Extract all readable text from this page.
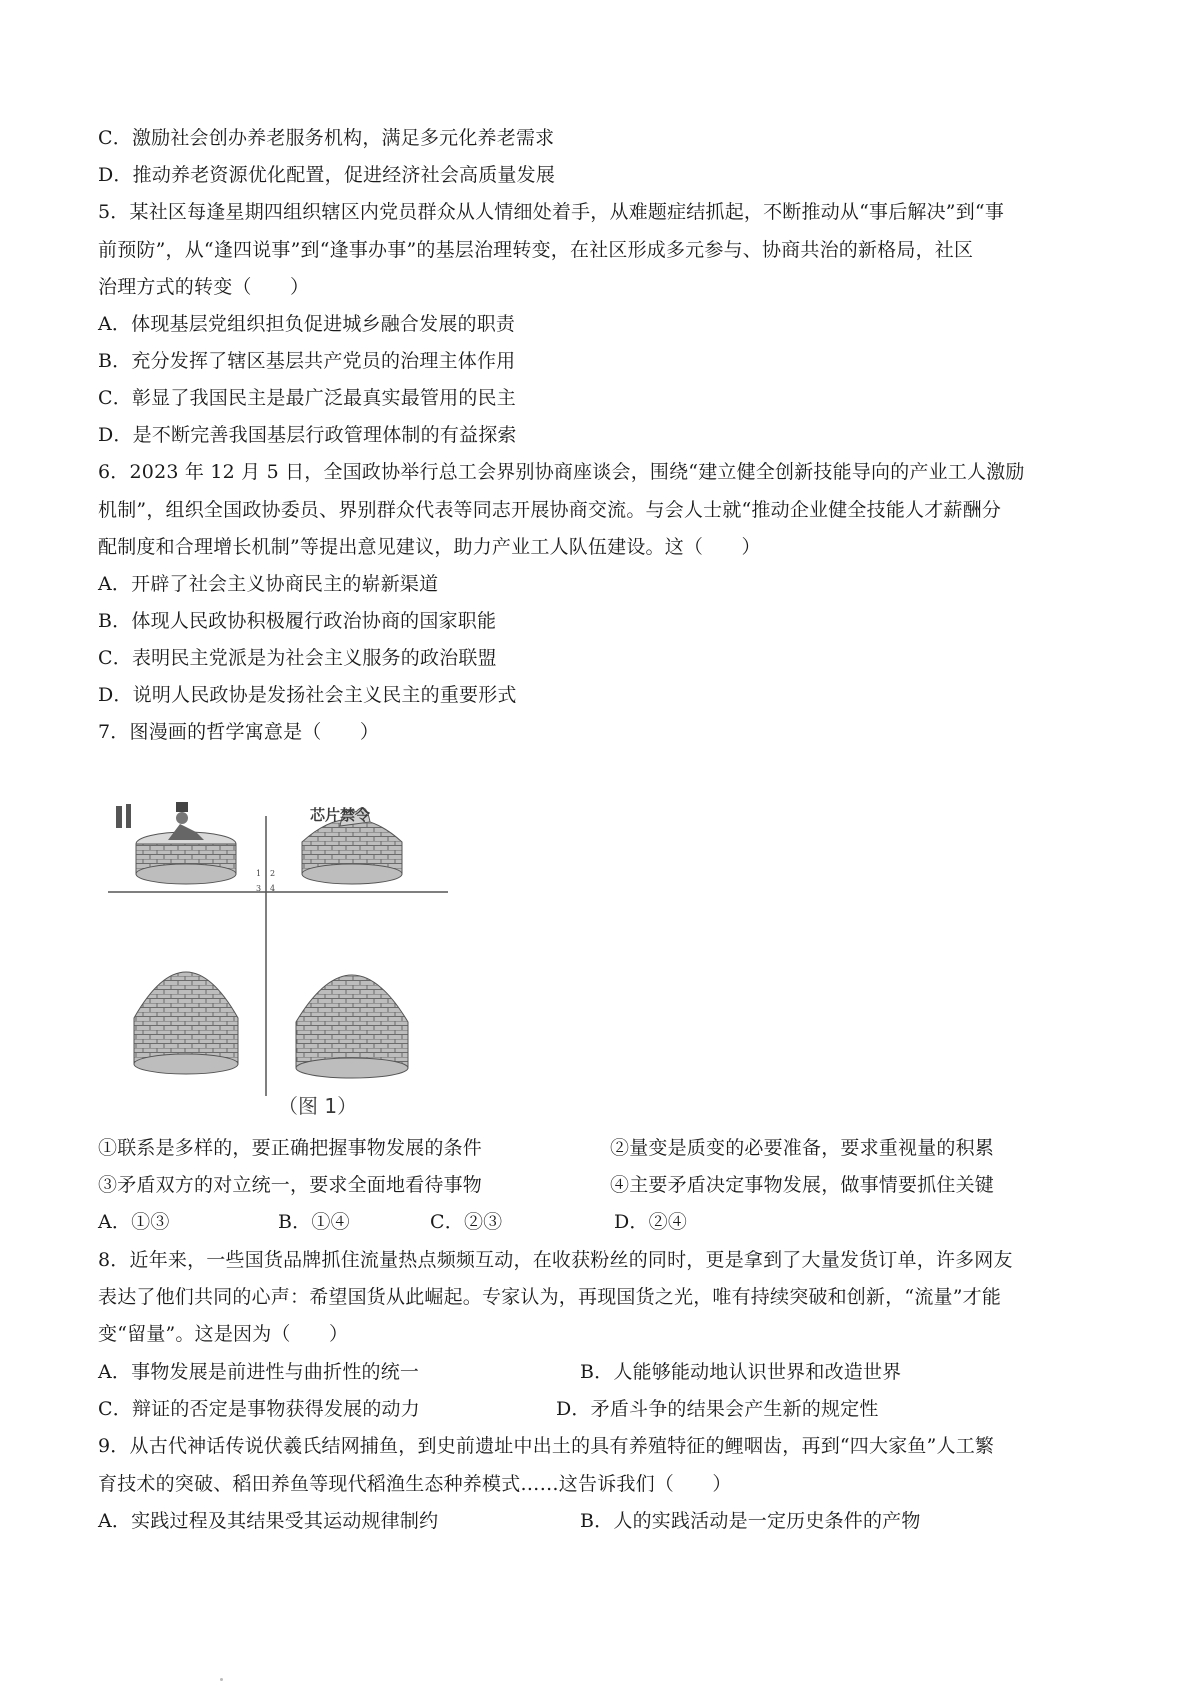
C．激励社会创办养老服务机构，满足多元化养老需求
D．推动养老资源优化配置，促进经济社会高质量发展
5．某社区每逢星期四组织辖区内党员群众从人情细处着手，从难题症结抓起，不断推动从“事后解决”到“事
前预防”，从“逢四说事”到“逢事办事”的基层治理转变，在社区形成多元参与、协商共治的新格局，社区
治理方式的转变（　　）
A．体现基层党组织担负促进城乡融合发展的职责
B．充分发挥了辖区基层共产党员的治理主体作用
C．彰显了我国民主是最广泛最真实最管用的民主
D．是不断完善我国基层行政管理体制的有益探索
6．2023 年 12 月 5 日，全国政协举行总工会界别协商座谈会，围绕“建立健全创新技能导向的产业工人激励
机制”，组织全国政协委员、界别群众代表等同志开展协商交流。与会人士就“推动企业健全技能人才薪酬分
配制度和合理增长机制”等提出意见建议，助力产业工人队伍建设。这（　　）
A．开辟了社会主义协商民主的崭新渠道
B．体现人民政协积极履行政治协商的国家职能
C．表明民主党派是为社会主义服务的政治联盟
D．说明人民政协是发扬社会主义民主的重要形式
7．图漫画的哲学寓意是（　　）
1 2
3 4
芯片禁令
（图 1）
①联系是多样的，要正确把握事物发展的条件	②量变是质变的必要准备，要求重视量的积累
③矛盾双方的对立统一，要求全面地看待事物	④主要矛盾决定事物发展，做事情要抓住关键
A．①③	B．①④	C．②③	D．②④
8．近年来，一些国货品牌抓住流量热点频频互动，在收获粉丝的同时，更是拿到了大量发货订单，许多网友
表达了他们共同的心声：希望国货从此崛起。专家认为，再现国货之光，唯有持续突破和创新，“流量”才能
变“留量”。这是因为（　　）
A．事物发展是前进性与曲折性的统一	B．人能够能动地认识世界和改造世界
C．辩证的否定是事物获得发展的动力	D．矛盾斗争的结果会产生新的规定性
9．从古代神话传说伏羲氏结网捕鱼，到史前遗址中出土的具有养殖特征的鲤咽齿，再到“四大家鱼”人工繁
育技术的突破、稻田养鱼等现代稻渔生态种养模式……这告诉我们（　　）
A．实践过程及其结果受其运动规律制约	B．人的实践活动是一定历史条件的产物
